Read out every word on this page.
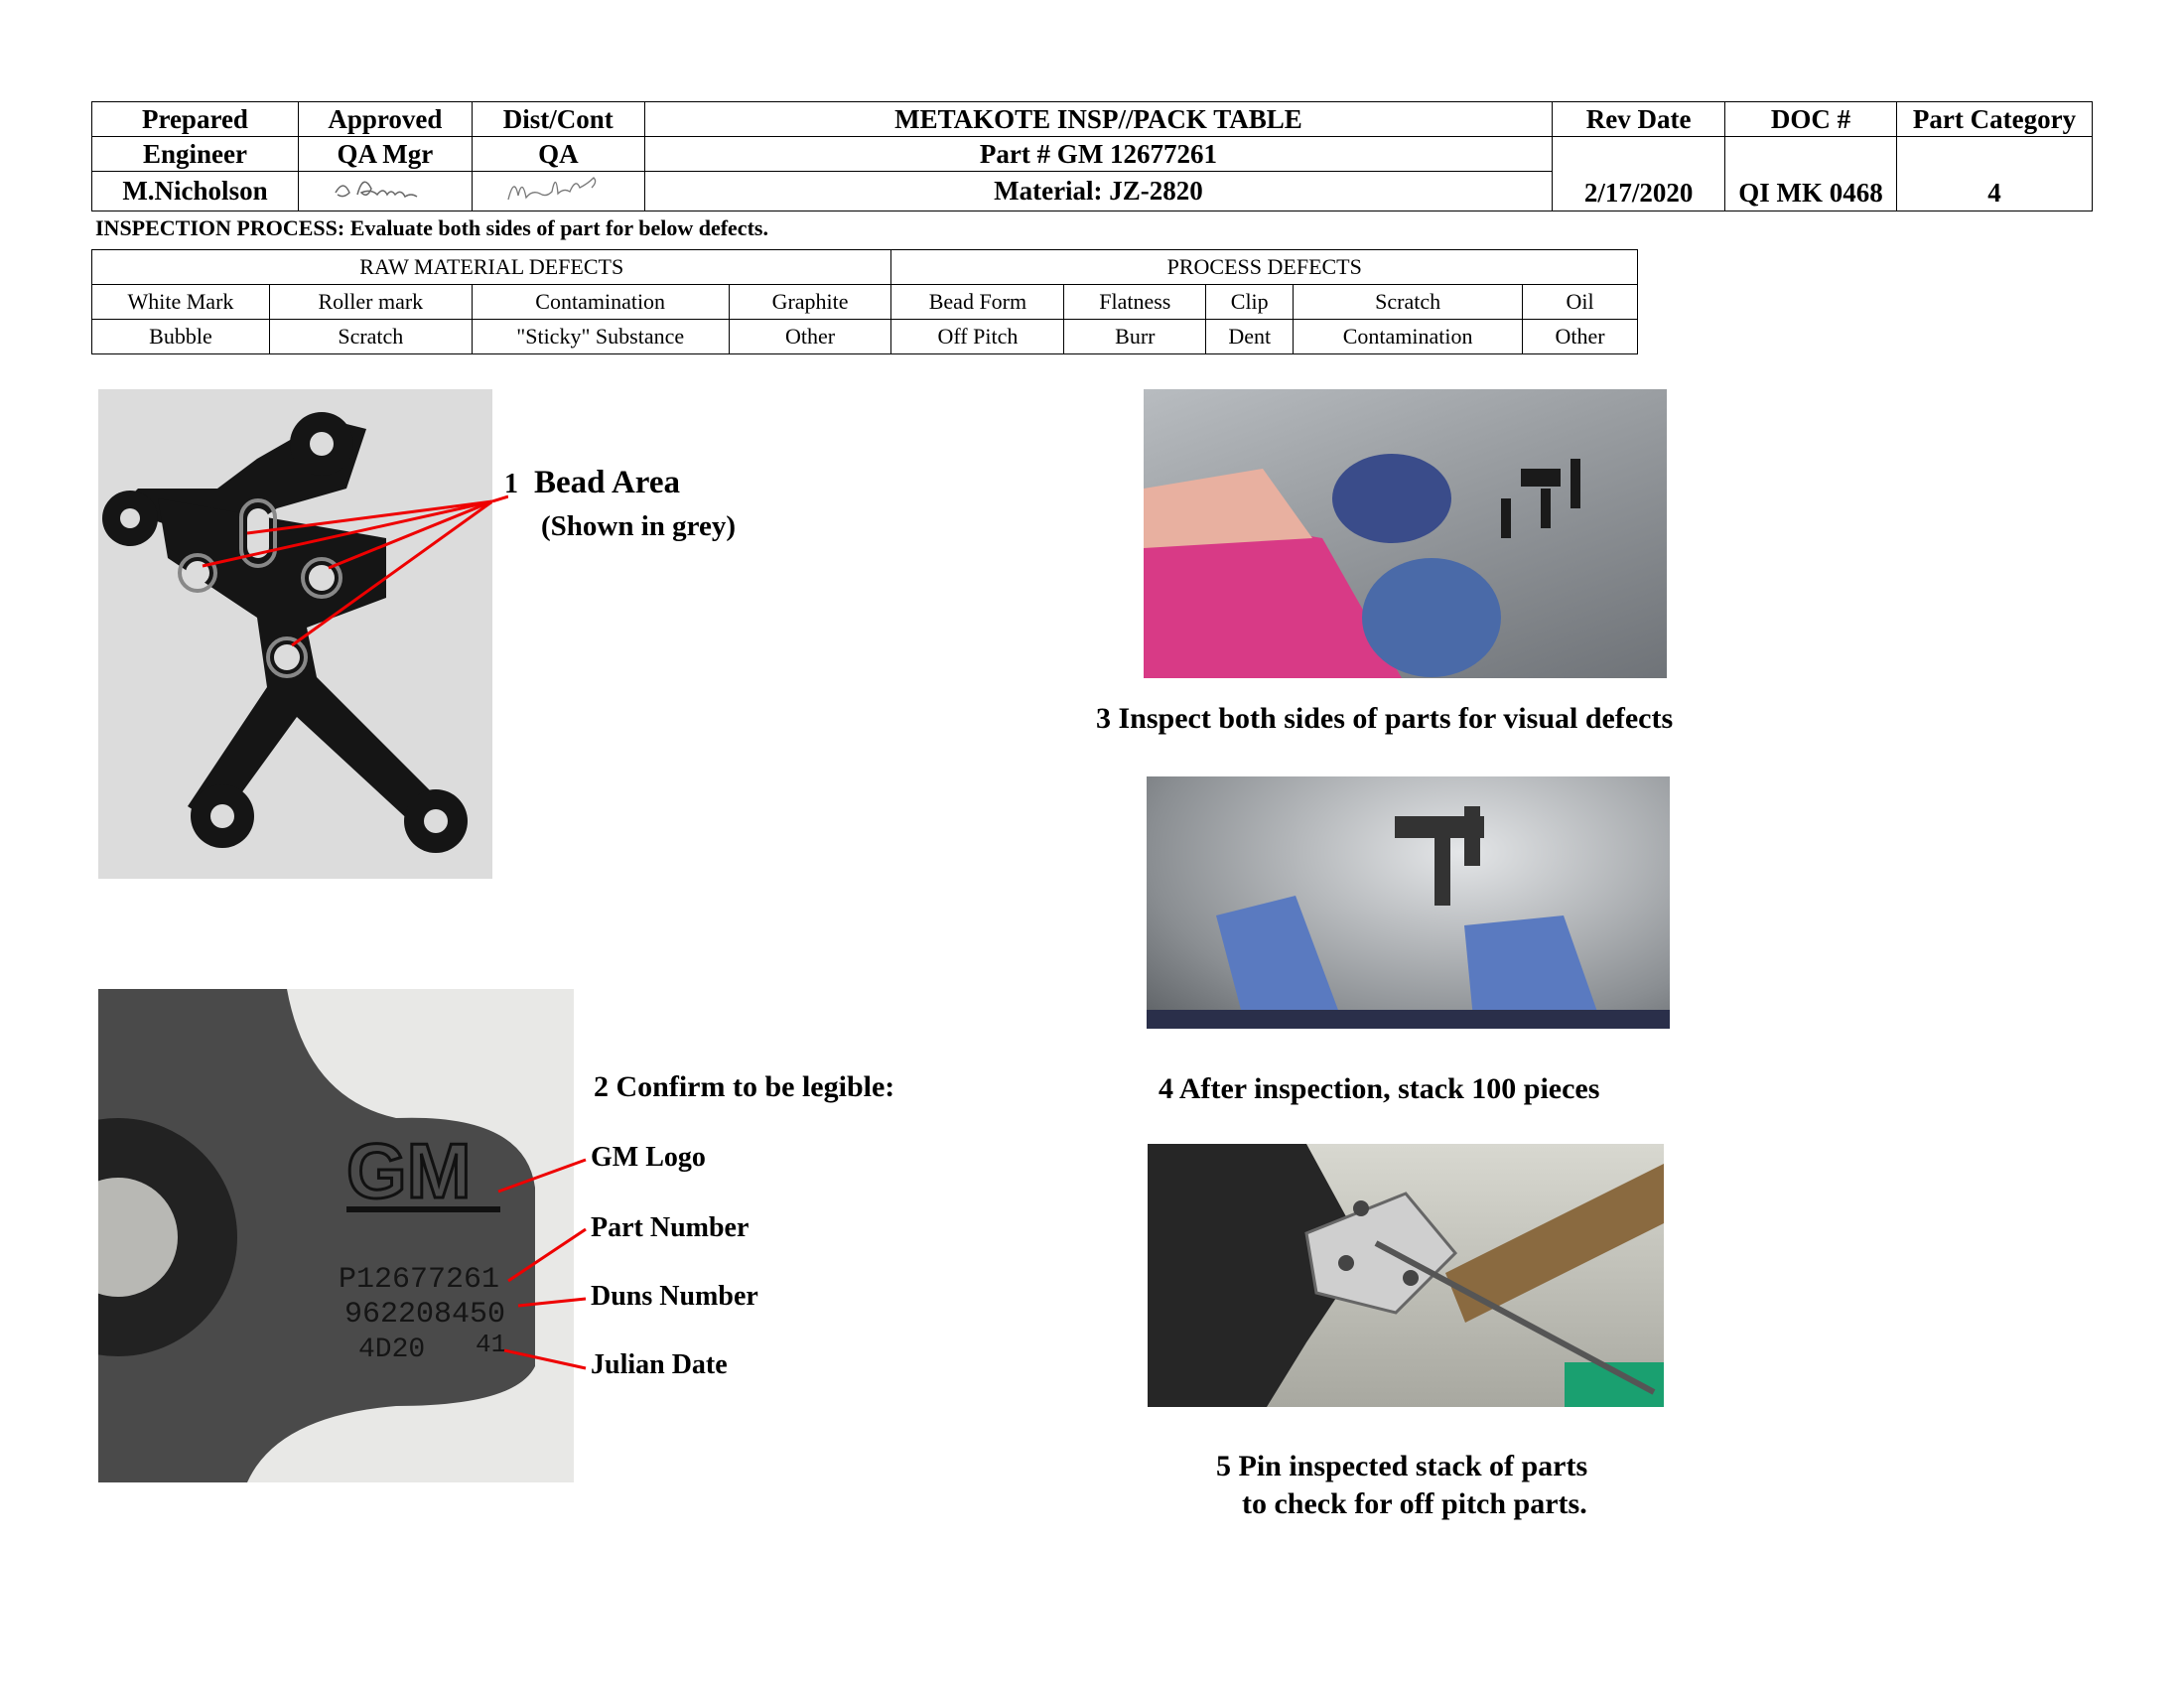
Prepared	Approved	Dist/Cont	METAKOTE INSP//PACK TABLE	Rev Date	DOC #	Part Category
Engineer	QA Mgr	QA	Part # GM 12677261	2/17/2020	QI MK 0468	4
M.Nicholson			Material: JZ-2820			
INSPECTION PROCESS: Evaluate both sides of part for below defects.
RAW MATERIAL DEFECTS				PROCESS DEFECTS				
White Mark	Roller mark	Contamination	Graphite	Bead Form	Flatness	Clip	Scratch	Oil
Bubble	Scratch	"Sticky" Substance	Other	Off Pitch	Burr	Dent	Contamination	Other
1 Bead Area
(Shown in grey)
GM
P12677261
962208450
4D20 41
2 Confirm to be legible:
GM Logo
Part Number
Duns Number
Julian Date
3 Inspect both sides of parts for visual defects
4 After inspection, stack 100 pieces
5 Pin inspected stack of parts
to check for off pitch parts.
